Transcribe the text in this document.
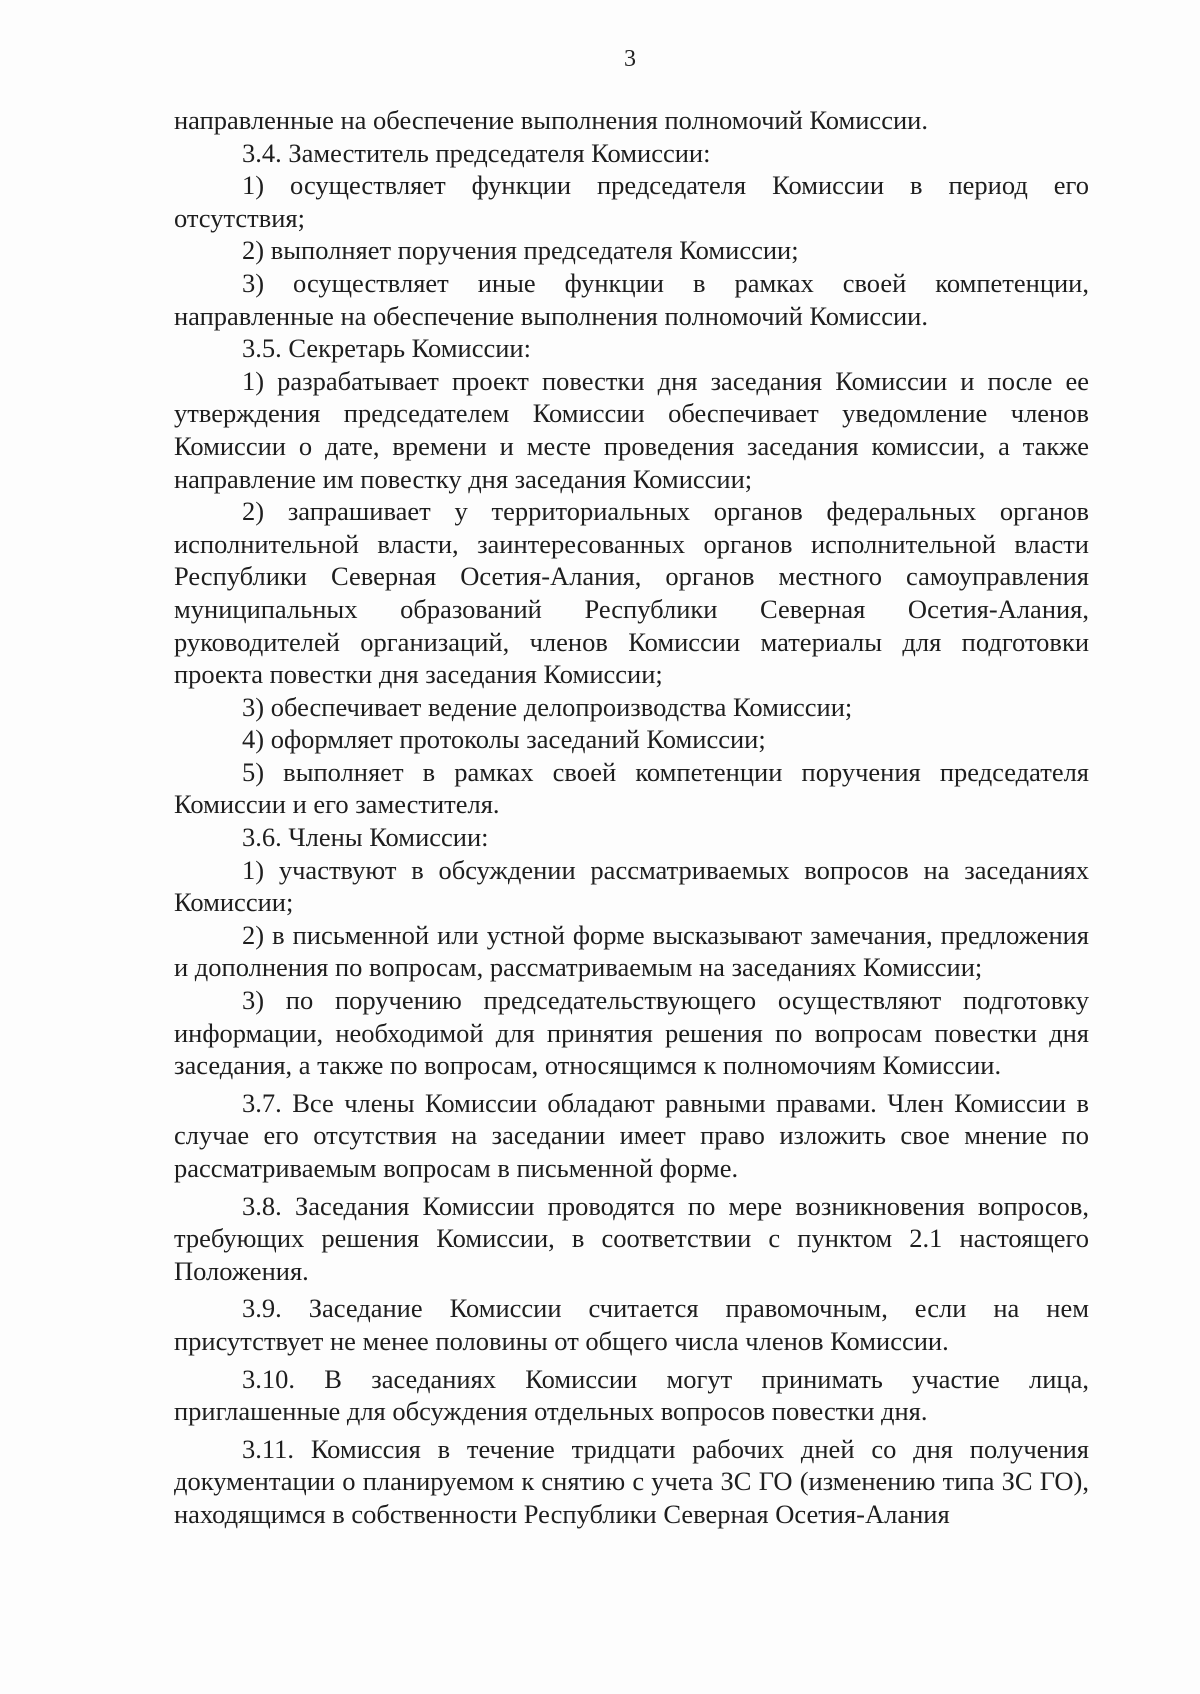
3

направленные на обеспечение выполнения полномочий Комиссии.

3.4. Заместитель председателя Комиссии:

1) осуществляет функции председателя Комиссии в период его отсутствия;

2) выполняет поручения председателя Комиссии;

3) осуществляет иные функции в рамках своей компетенции, направленные на обеспечение выполнения полномочий Комиссии.

3.5. Секретарь Комиссии:

1) разрабатывает проект повестки дня заседания Комиссии и после ее утверждения председателем Комиссии обеспечивает уведомление членов Комиссии о дате, времени и месте проведения заседания комиссии, а также направление им повестку дня заседания Комиссии;

2) запрашивает у территориальных органов федеральных органов исполнительной власти, заинтересованных органов исполнительной власти Республики Северная Осетия-Алания, органов местного самоуправления муниципальных образований Республики Северная Осетия-Алания, руководителей организаций, членов Комиссии материалы для подготовки проекта повестки дня заседания Комиссии;

3) обеспечивает ведение делопроизводства Комиссии;

4) оформляет протоколы заседаний Комиссии;

5) выполняет в рамках своей компетенции поручения председателя Комиссии и его заместителя.

3.6. Члены Комиссии:

1) участвуют в обсуждении рассматриваемых вопросов на заседаниях Комиссии;

2) в письменной или устной форме высказывают замечания, предложения и дополнения по вопросам, рассматриваемым на заседаниях Комиссии;

3) по поручению председательствующего осуществляют подготовку информации, необходимой для принятия решения по вопросам повестки дня заседания, а также по вопросам, относящимся к полномочиям Комиссии.

3.7. Все члены Комиссии обладают равными правами. Член Комиссии в случае его отсутствия на заседании имеет право изложить свое мнение по рассматриваемым вопросам в письменной форме.

3.8. Заседания Комиссии проводятся по мере возникновения вопросов, требующих решения Комиссии, в соответствии с пунктом 2.1 настоящего Положения.

3.9. Заседание Комиссии считается правомочным, если на нем присутствует не менее половины от общего числа членов Комиссии.

3.10. В заседаниях Комиссии могут принимать участие лица, приглашенные для обсуждения отдельных вопросов повестки дня.

3.11. Комиссия в течение тридцати рабочих дней со дня получения документации о планируемом к снятию с учета ЗС ГО (изменению типа ЗС ГО), находящимся в собственности Республики Северная Осетия-Алания
